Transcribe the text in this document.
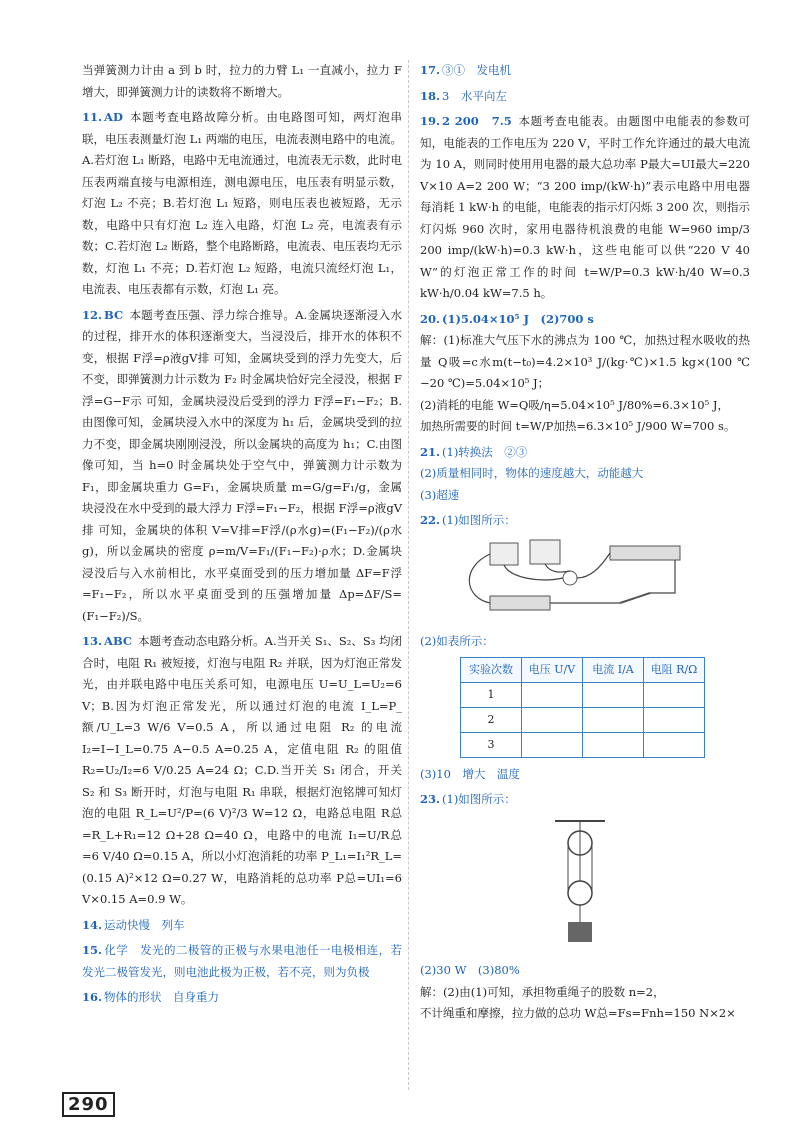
当弹簧测力计由 a 到 b 时，拉力的力臂 L₁ 一直减小，拉力 F 增大，即弹簧测力计的读数将不断增大。
11. AD 本题考查电路故障分析。由电路图可知，两灯泡串联，电压表测量灯泡 L₁ 两端的电压，电流表测电路中的电流。A.若灯泡 L₁ 断路，电路中无电流通过，电流表无示数，此时电压表两端直接与电源相连，测电源电压，电压表有明显示数，灯泡 L₂ 不亮；B.若灯泡 L₁ 短路，则电压表也被短路，无示数，电路中只有灯泡 L₂ 连入电路，灯泡 L₂ 亮，电流表有示数；C.若灯泡 L₂ 断路，整个电路断路，电流表、电压表均无示数，灯泡 L₁ 不亮；D.若灯泡 L₂ 短路，电流只流经灯泡 L₁，电流表、电压表都有示数，灯泡 L₁ 亮。
12. BC 本题考查压强、浮力综合推导。A.金属块逐渐浸入水的过程，排开水的体积逐渐变大，当浸没后，排开水的体积不变，根据 F浮=ρ液gV排 可知，金属块受到的浮力先变大，后不变，即弹簧测力计示数为 F₂ 时金属块恰好完全浸没，根据 F浮=G−F示 可知，金属块浸没后受到的浮力 F浮=F₁−F₂；B.由图像可知，金属块浸入水中的深度为 h₁ 后，金属块受到的拉力不变，即金属块刚刚浸没，所以金属块的高度为 h₁；C.由图像可知，当 h=0 时金属块处于空气中，弹簧测力计示数为 F₁，即金属块重力 G=F₁，金属块质量 m=G/g=F₁/g，金属块浸没在水中受到的最大浮力 F浮=F₁−F₂，根据 F浮=ρ液gV排 可知，金属块的体积 V=V排=F浮/(ρ水g)=(F₁−F₂)/(ρ水g)，所以金属块的密度 ρ=m/V=F₁/(F₁−F₂)·ρ水；D.金属块浸没后与入水前相比，水平桌面受到的压力增加量 ΔF=F浮=F₁−F₂，所以水平桌面受到的压强增加量 Δp=ΔF/S=(F₁−F₂)/S。
13. ABC 本题考查动态电路分析。A.当开关 S₁、S₂、S₃ 均闭合时，电阻 R₁ 被短接，灯泡与电阻 R₂ 并联，因为灯泡正常发光，由并联电路中电压关系可知，电源电压 U=U_L=U₂=6 V；B.因为灯泡正常发光，所以通过灯泡的电流 I_L=P_额/U_L=3 W/6 V=0.5 A，所以通过电阻 R₂ 的电流 I₂=I−I_L=0.75 A−0.5 A=0.25 A，定值电阻 R₂ 的阻值 R₂=U₂/I₂=6 V/0.25 A=24 Ω；C.D.当开关 S₁ 闭合，开关 S₂ 和 S₃ 断开时，灯泡与电阻 R₁ 串联，根据灯泡铭牌可知灯泡的电阻 R_L=U²/P=(6 V)²/3 W=12 Ω，电路总电阻 R总=R_L+R₁=12 Ω+28 Ω=40 Ω，电路中的电流 I₁=U/R总=6 V/40 Ω=0.15 A，所以小灯泡消耗的功率 P_L₁=I₁²R_L=(0.15 A)²×12 Ω=0.27 W，电路消耗的总功率 P总=UI₁=6 V×0.15 A=0.9 W。
14. 运动快慢　列车
15. 化学　发光的二极管的正极与水果电池任一电极相连，若发光二极管发光，则电池此极为正极，若不亮，则为负极
16. 物体的形状　自身重力
17. ③①　发电机
18. 3　水平向左
19. 2 200　7.5 本题考查电能表。由题图中电能表的参数可知，电能表的工作电压为 220 V，平时工作允许通过的最大电流为 10 A，则同时使用用电器的最大总功率 P最大=UI最大=220 V×10 A=2 200 W；“3 200 imp/(kW·h)”表示电路中用电器每消耗 1 kW·h 的电能，电能表的指示灯闪烁 3 200 次，则指示灯闪烁 960 次时，家用电器待机浪费的电能 W=960 imp/3 200 imp/(kW·h)=0.3 kW·h，这些电能可以供“220 V 40 W”的灯泡正常工作的时间 t=W/P=0.3 kW·h/40 W=0.3 kW·h/0.04 kW=7.5 h。
20. (1)5.04×10⁵ J　(2)700 s
解：(1)标准大气压下水的沸点为 100 ℃，加热过程水吸收的热量 Q吸=c水m(t−t₀)=4.2×10³ J/(kg·℃)×1.5 kg×(100 ℃−20 ℃)=5.04×10⁵ J；
(2)消耗的电能 W=Q吸/η=5.04×10⁵ J/80%=6.3×10⁵ J，
加热所需要的时间 t=W/P加热=6.3×10⁵ J/900 W=700 s。
21. (1)转换法　②③
(2)质量相同时，物体的速度越大，动能越大
(3)超速
22. (1)如图所示：
(2)如表所示：
实验次数	电压 U/V	电流 I/A	电阻 R/Ω
1			
2			
3			
(3)10　增大　温度
23. (1)如图所示：
(2)30 W　(3)80%
解：(2)由(1)可知，承担物重绳子的股数 n=2，
不计绳重和摩擦，拉力做的总功 W总=Fs=Fnh=150 N×2×
290
